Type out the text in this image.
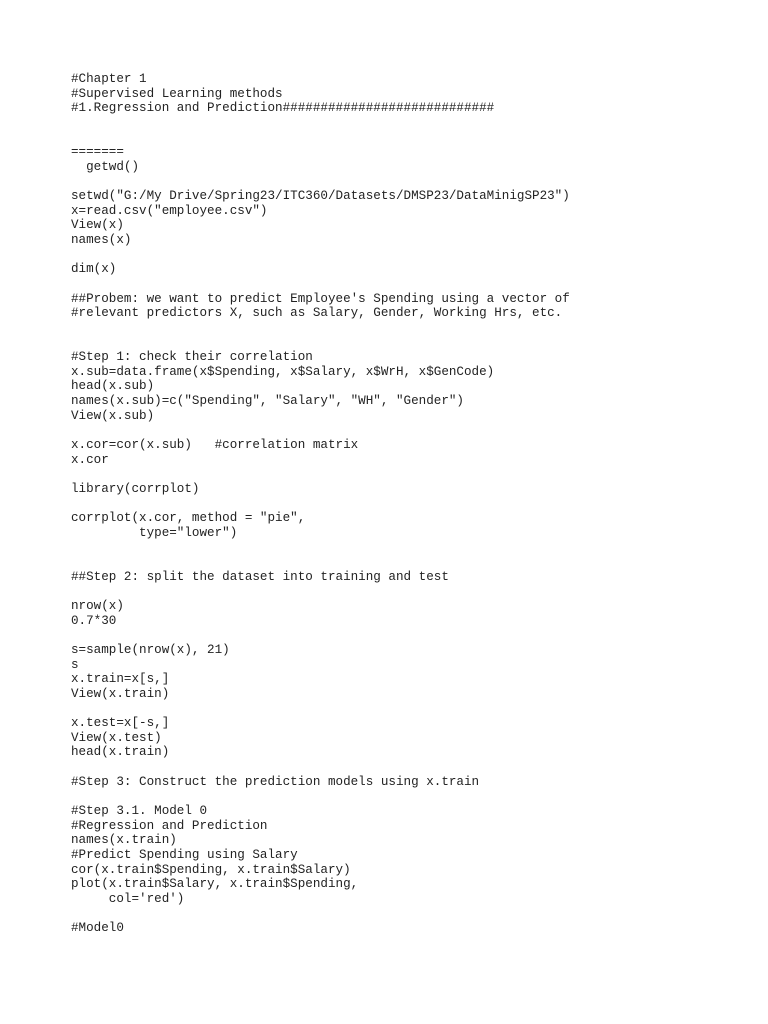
#Chapter 1
#Supervised Learning methods
#1.Regression and Prediction############################
=======
getwd()
setwd("G:/My Drive/Spring23/ITC360/Datasets/DMSP23/DataMinigSP23")
x=read.csv("employee.csv")
View(x)
names(x)
dim(x)
##Probem: we want to predict Employee's Spending using a vector of
#relevant predictors X, such as Salary, Gender, Working Hrs, etc.
#Step 1: check their correlation
x.sub=data.frame(x$Spending, x$Salary, x$WrH, x$GenCode)
head(x.sub)
names(x.sub)=c("Spending", "Salary", "WH", "Gender")
View(x.sub)
x.cor=cor(x.sub)   #correlation matrix
x.cor
library(corrplot)
corrplot(x.cor, method = "pie",
type="lower")
##Step 2: split the dataset into training and test
nrow(x)
0.7*30
s=sample(nrow(x), 21)
s
x.train=x[s,]
View(x.train)
x.test=x[-s,]
View(x.test)
head(x.train)
#Step 3: Construct the prediction models using x.train
#Step 3.1. Model 0
#Regression and Prediction
names(x.train)
#Predict Spending using Salary
cor(x.train$Spending, x.train$Salary)
plot(x.train$Salary, x.train$Spending,
col='red')
#Model0
